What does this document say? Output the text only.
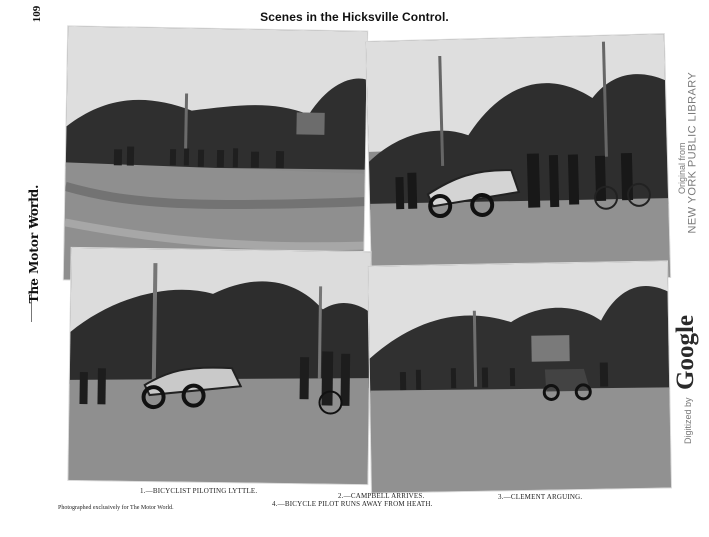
109	Scenes in the Hicksville Control.
The Motor World.
1.—BICYCLIST PILOTING LYTTLE.
2.—CAMPBELL ARRIVES.	3.—CLEMENT ARGUING.
4.—BICYCLE PILOT RUNS AWAY FROM HEATH.
Photographed exclusively for The Motor World.
Original from NEW YORK PUBLIC LIBRARY
Digitized by
Google
